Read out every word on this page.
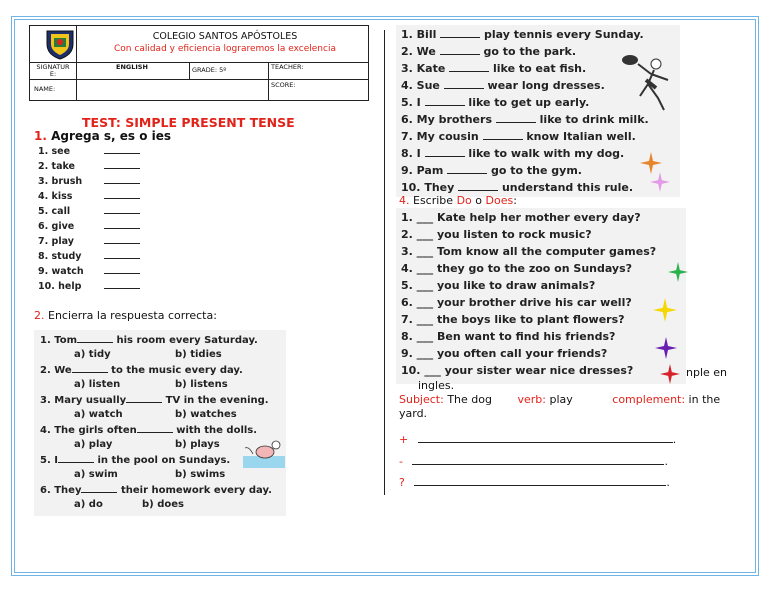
COLEGIO SANTOS APÓSTOLES
Con calidad y eficiencia lograremos la excelencia
SIGNATUR E:
ENGLISH	GRADE: 5º	TEACHER:
NAME:	SCORE:
TEST: SIMPLE PRESENT TENSE
1. Agrega s, es o ies
1. see
2. take
3. brush
4. kiss
5. call
6. give
7. play
8. study
9. watch
10. help
2. Encierra la respuesta correcta:
1. Tom	his room every Saturday.
a) tidy	b) tidies
2. We	to the music every day.
a) listen	b) listens
3. Mary usually	TV in the evening.
a) watch	b) watches
4. The girls often	with the dolls.
a) play	b) plays
5. I	in the pool on Sundays.
a) swim	b) swims
6. They	their homework every day.
a) do	b) does
1. Bill	play tennis every Sunday.
2. We	go to the park.
3. Kate	like to eat fish.
4. Sue	wear long dresses.
5. I	like to get up early.
6. My brothers	like to drink milk.
7. My cousin	know Italian well.
8. I	like to walk with my dog.
9. Pam	go to the gym.
10. They	understand this rule.
4. Escribe Do o Does:
1. ___ Kate help her mother every day?
2. ___ you listen to rock music?
3. ___ Tom know all the computer games?
4. ___ they go to the zoo on Sundays?
5. ___ you like to draw animals?
6. ___ your brother drive his car well?
7. ___ the boys like to plant flowers?
8. ___ Ben want to find his friends?
9. ___ you often call your friends?
10. ___ your sister wear nice dresses?	nple en
ingles.
Subject: The dog verb: play	complement: in the
yard.
+	.
-	.
?	.
